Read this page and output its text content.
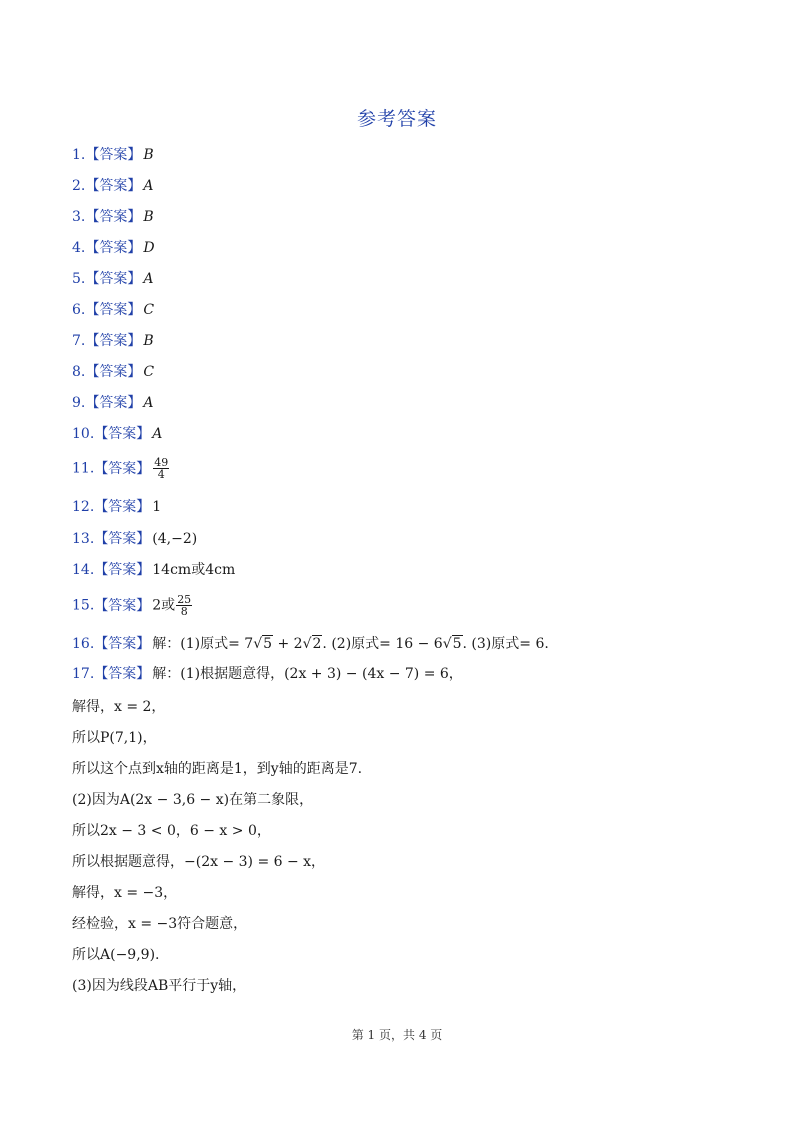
参考答案
1.【答案】 B
2.【答案】 A
3.【答案】 B
4.【答案】 D
5.【答案】 A
6.【答案】 C
7.【答案】 B
8.【答案】 C
9.【答案】 A
10.【答案】 A
11.【答案】 $\frac{49}{4}$
12.【答案】 1
13.【答案】 (4,−2)
14.【答案】 14cm或4cm
15.【答案】 2或 $\frac{25}{8}$
16.【答案】 解：(1)原式= 7√5 + 2√2. (2)原式= 16 − 6√5. (3)原式= 6.
17.【答案】 解：(1)根据题意得，(2x + 3) − (4x − 7) = 6，
解得，x = 2，
所以P(7,1)，
所以这个点到x轴的距离是1，到y轴的距离是7.
(2)因为A(2x − 3,6 − x)在第二象限，
所以2x − 3 < 0，6 − x > 0，
所以根据题意得，−(2x − 3) = 6 − x，
解得，x = −3，
经检验，x = −3符合题意，
所以A(−9,9).
(3)因为线段AB平行于y轴，
第 1 页，共 4 页
